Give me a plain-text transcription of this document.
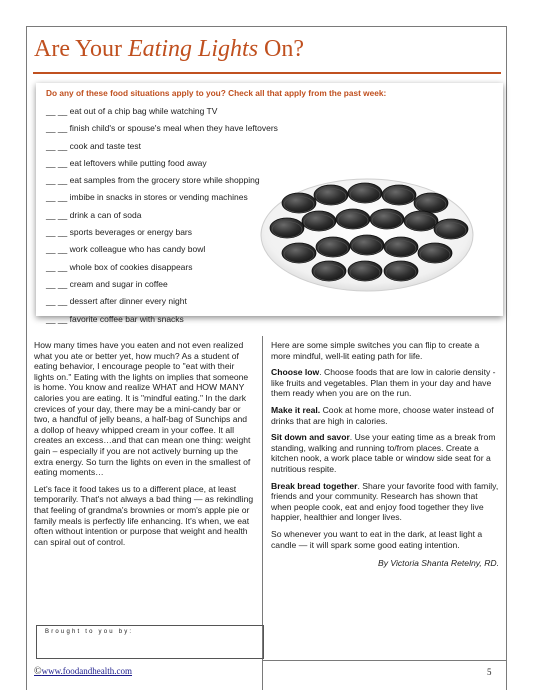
Are Your Eating Lights On?
Do any of these food situations apply to you? Check all that apply from the past week:
__ __ eat out of a chip bag while watching TV
__ __ finish child's or spouse's meal when they have leftovers
__ __ cook and taste test
__ __ eat leftovers while putting food away
__ __ eat samples from the grocery store while shopping
__ __ imbibe in snacks in stores or vending machines
__ __ drink a can of soda
__ __ sports beverages or energy bars
__ __ work colleague who has candy bowl
__ __ whole box of cookies disappears
__ __ cream and sugar in coffee
__ __ dessert after dinner every night
__ __ favorite coffee bar with snacks

How many times have you eaten and not even realized what you ate or better yet, how much? As a student of eating behavior, I encourage people to "eat with their lights on." Eating with the lights on implies that someone is home. You know and realize WHAT and HOW MANY calories you are eating. It is "mindful eating." In the dark crevices of your day, there may be a mini-candy bar or two, a handful of jelly beans, a half-bag of Sunchips and a dollop of heavy whipped cream in your coffee. It all creates an excess…and that can mean one thing: weight gain – especially if you are not actively burning up the extra energy. So turn the lights on even in the smallest of eating moments…

Let's face it food takes us to a different place, at least temporarily. That's not always a bad thing — as rekindling that feeling of grandma's brownies or mom's apple pie or family meals is perfectly life enhancing. It's when, we eat often without intention or purpose that weight and health can spiral out of control.

Here are some simple switches you can flip to create a more mindful, well-lit eating path for life.

Choose low. Choose foods that are low in calorie density - like fruits and vegetables. Plan them in your day and have them ready when you are on the run.

Make it real. Cook at home more, choose water instead of drinks that are high in calories.

Sit down and savor. Use your eating time as a break from standing, walking and running to/from places. Create a kitchen nook, a work place table or window side seat for a nutritious respite.

Break bread together. Share your favorite food with family, friends and your community. Research has shown that when people cook, eat and enjoy food together they live happier, healthier and longer lives.

So whenever you want to eat in the dark, at least light a candle — it will spark some good eating intention.

By Victoria Shanta Retelny, RD.
Brought to you by:
©www.foodandhealth.com	5
